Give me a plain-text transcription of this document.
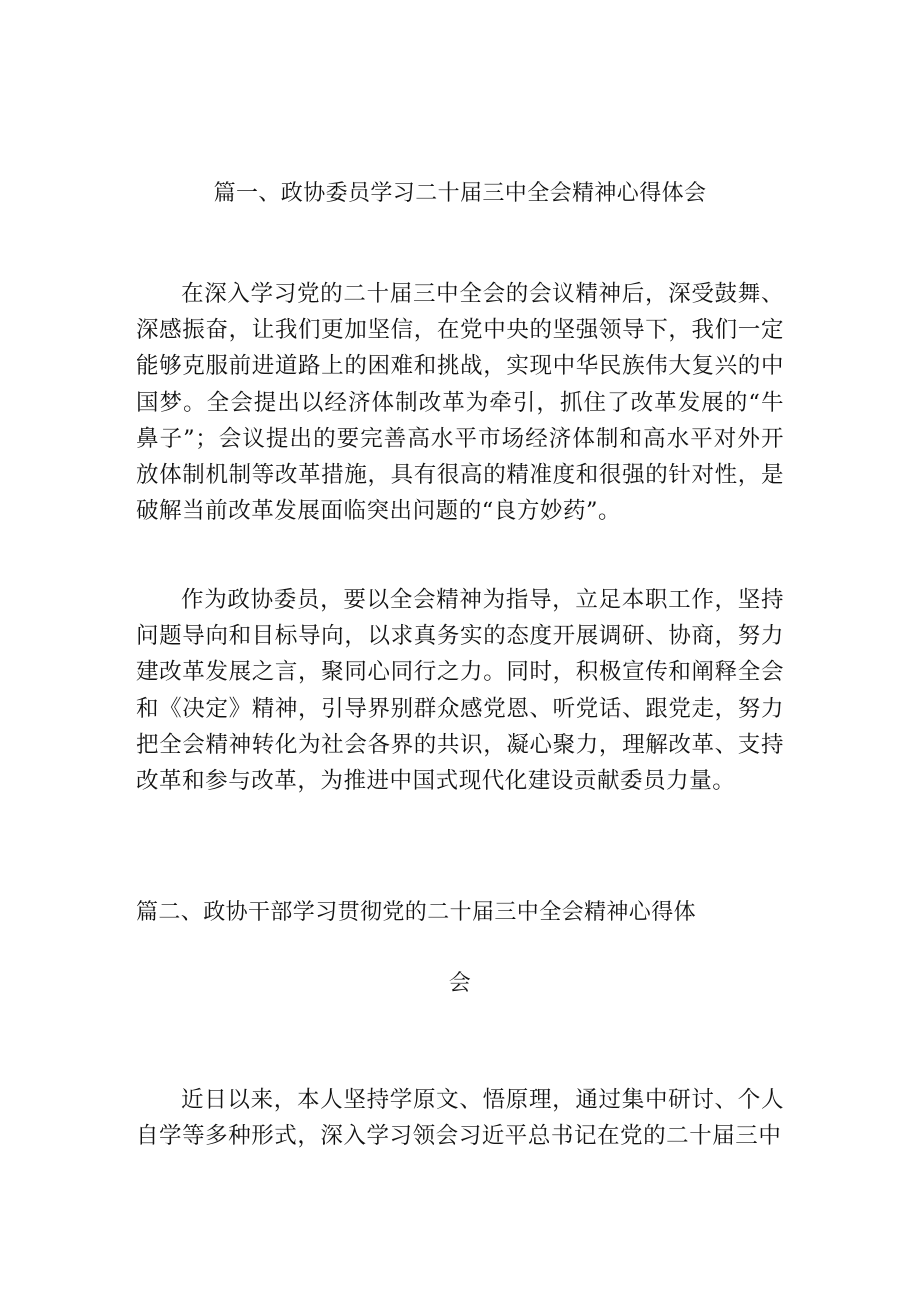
篇一、政协委员学习二十届三中全会精神心得体会

在深入学习党的二十届三中全会的会议精神后，深受鼓舞、深感振奋，让我们更加坚信，在党中央的坚强领导下，我们一定能够克服前进道路上的困难和挑战，实现中华民族伟大复兴的中国梦。全会提出以经济体制改革为牵引，抓住了改革发展的“牛鼻子”；会议提出的要完善高水平市场经济体制和高水平对外开放体制机制等改革措施，具有很高的精准度和很强的针对性，是破解当前改革发展面临突出问题的“良方妙药”。

作为政协委员，要以全会精神为指导，立足本职工作，坚持问题导向和目标导向，以求真务实的态度开展调研、协商，努力建改革发展之言，聚同心同行之力。同时，积极宣传和阐释全会和《决定》精神，引导界别群众感党恩、听党话、跟党走，努力把全会精神转化为社会各界的共识，凝心聚力，理解改革、支持改革和参与改革，为推进中国式现代化建设贡献委员力量。

篇二、政协干部学习贯彻党的二十届三中全会精神心得体
会

近日以来，本人坚持学原文、悟原理，通过集中研讨、个人自学等多种形式，深入学习领会习近平总书记在党的二十届三中
